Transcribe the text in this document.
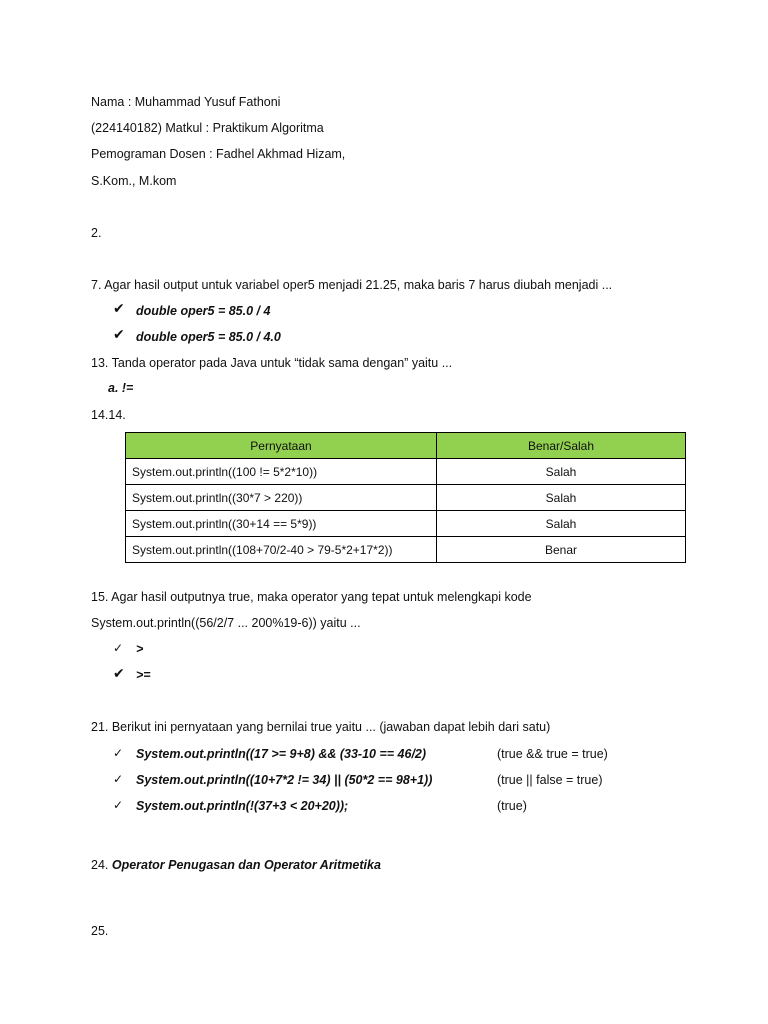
Nama : Muhammad Yusuf Fathoni
(224140182) Matkul : Praktikum Algoritma
Pemograman Dosen : Fadhel Akhmad Hizam,
S.Kom., M.kom
2.
7. Agar hasil output untuk variabel oper5 menjadi 21.25, maka baris 7 harus diubah menjadi ...
✔ double oper5 = 85.0 / 4
✔ double oper5 = 85.0 / 4.0
13. Tanda operator pada Java untuk “tidak sama dengan” yaitu ...
a. !=
14.14.
Pernyataan	Benar/Salah
System.out.println((100 != 5*2*10))	Salah
System.out.println((30*7 > 220))	Salah
System.out.println((30+14 == 5*9))	Salah
System.out.println((108+70/2-40 > 79-5*2+17*2))	Benar
15. Agar hasil outputnya true, maka operator yang tepat untuk melengkapi kode
System.out.println((56/2/7 ... 200%19-6)) yaitu ...
✓ >
✔ >=
21. Berikut ini pernyataan yang bernilai true yaitu ... (jawaban dapat lebih dari satu)
✓ System.out.println((17 >= 9+8) && (33-10 == 46/2)	(true && true = true)
✓ System.out.println((10+7*2 != 34) || (50*2 == 98+1))	(true || false = true)
✓ System.out.println(!(37+3 < 20+20));	(true)
24. Operator Penugasan dan Operator Aritmetika
25.
